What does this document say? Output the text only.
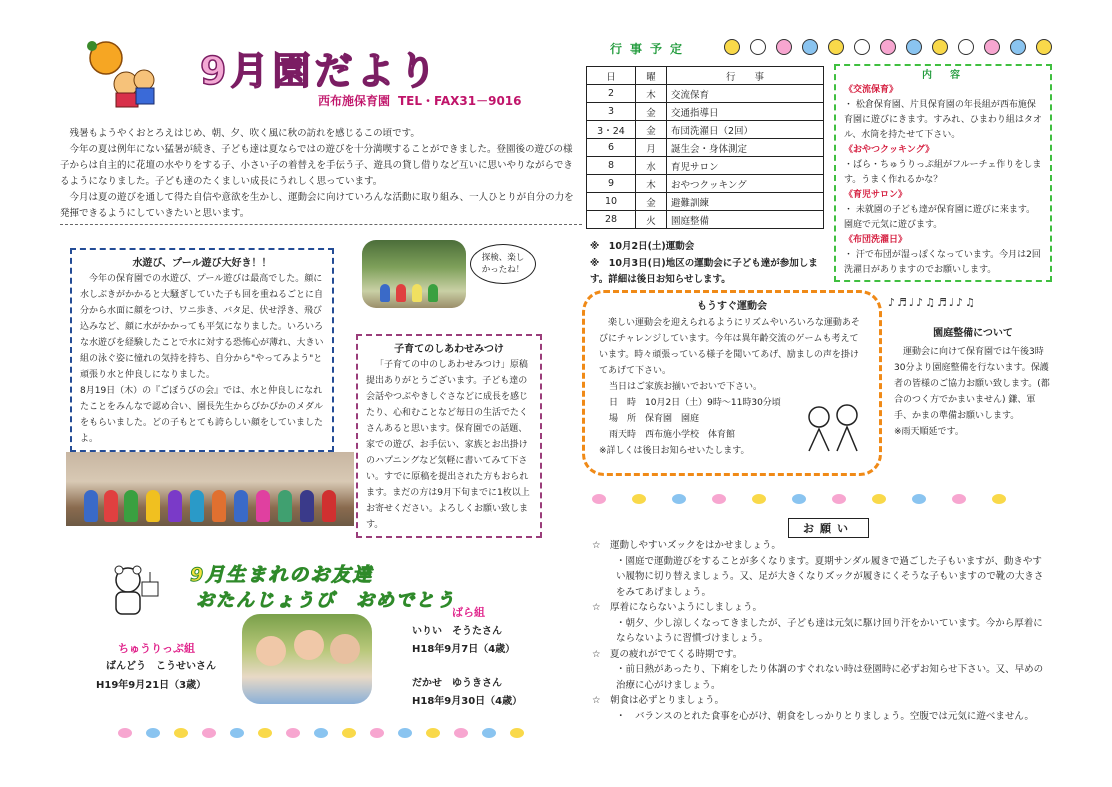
9月園だより
西布施保育園 TEL・FAX31－9016

残暑もようやくおとろえはじめ、朝、夕、吹く風に秋の訪れを感じるこの頃です。

今年の夏は例年にない猛暑が続き、子ども達は夏ならではの遊びを十分満喫することができました。登園後の遊びの様子からは自主的に花壇の水やりをする子、小さい子の着替えを手伝う子、遊具の貸し借りなど互いに思いやりながらできるようになりました。子ども達のたくましい成長にうれしく思っています。

今月は夏の遊びを通して得た自信や意欲を生かし、運動会に向けていろんな活動に取り組み、一人ひとりが自分の力を発揮できるようにしていきたいと思います。

水遊び、プール遊び大好き！！
今年の保育園での水遊び、プール遊びは最高でした。顔に水しぶきがかかると大騒ぎしていた子も回を重ねるごとに自分から水面に顔をつけ、ワニ歩き、バタ足、伏せ浮き、飛び込みなど、顔に水がかかっても平気になりました。いろいろな水遊びを経験したことで水に対する恐怖心が薄れ、大きい組の泳ぐ姿に憧れの気持を持ち、自分から"やってみよう"と頑張り水と仲良しになりました。
8月19日（木）の『ごぼうびの会』では、水と仲良しになれたことをみんなで認め合い、園長先生からぴかぴかのメダルをもらいました。どの子もとても誇らしい顔をしていましたよ。
探検、楽しかったね！
子育てのしあわせみつけ
「子育ての中のしあわせみつけ」原稿提出ありがとうございます。子ども達の会話やつぶやきしぐさなどに成長を感じたり、心和むことなど毎日の生活でたくさんあると思います。保育園での話題、家での遊び、お手伝い、家族とお出掛けのハプニングなど気軽に書いてみて下さい。すでに原稿を提出された方もおられます。まだの方は9月下旬までに1枚以上お寄せください。よろしくお願い致します。
9月生まれのお友達
おたんじょうび　おめでとう
ちゅうりっぷ組
ばんどう　こうせいさん
H19年9月21日（3歳）
ばら組
いりい　そうたさん
H18年9月7日（4歳）
だかせ　ゆうきさん
H18年9月30日（4歳）
行事予定
日	曜	行　　事
2	木	交流保育
3	金	交通指導日
3・24	金	布団洗濯日（2回）
6	月	誕生会・身体測定
8	水	育児サロン
9	木	おやつクッキング
10	金	避難訓練
28	火	園庭整備
※　10月2日(土)運動会
※　10月3日(日)地区の運動会に子ども達が参加します。詳細は後日お知らせします。
内　容
《交流保育》
・ 松倉保育園、片貝保育園の年長組が西布施保育園に遊びにきます。すみれ、ひまわり組はタオル、水筒を持たせて下さい。
《おやつクッキング》
・ばら・ちゅうりっぷ組がフルーチェ作りをします。うまく作れるかな？
《育児サロン》
・ 未就園の子ども達が保育園に遊びに来ます。園庭で元気に遊びます。
《布団洗濯日》
・ 汗で布団が湿っぽくなっています。今月は2回洗濯日がありますのでお願いします。
もうすぐ運動会
楽しい運動会を迎えられるようにリズムやいろいろな運動あそびにチャレンジしています。今年は異年齢交流のゲームも考えています。時々頑張っている様子を聞いてあげ、励ましの声を掛けてあげて下さい。
当日はご家族お揃いでおいで下さい。
日　時　10月2日（土）9時～11時30分頃
場　所　保育園　園庭
雨天時　西布施小学校　体育館
※詳しくは後日お知らせいたします。
♪♬♩♪♫♬♩♪♫
園庭整備について
運動会に向けて保育園では午後3時30分より園庭整備を行ないます。保護者の皆様のご協力お願い致します。(都合のつく方でかまいません) 鎌、軍手、かまの準備お願いします。
※雨天順延です。
お願い
☆　運動しやすいズックをはかせましょう。
・園庭で運動遊びをすることが多くなります。夏期サンダル履きで過ごした子もいますが、動きやすい履物に切り替えましょう。又、足が大きくなりズックが履きにくそうな子もいますので靴の大きさをみてあげましょう。
☆　厚着にならないようにしましょう。
・朝夕、少し涼しくなってきましたが、子ども達は元気に駆け回り汗をかいています。今から厚着にならないように習慣づけましょう。
☆　夏の疲れがでてくる時期です。
・前日熱があったり、下痢をしたり体調のすぐれない時は登園時に必ずお知らせ下さい。又、早めの治療に心がけましょう。
☆　朝食は必ずとりましょう。
・　バランスのとれた食事を心がけ、朝食をしっかりとりましょう。空腹では元気に遊べません。
